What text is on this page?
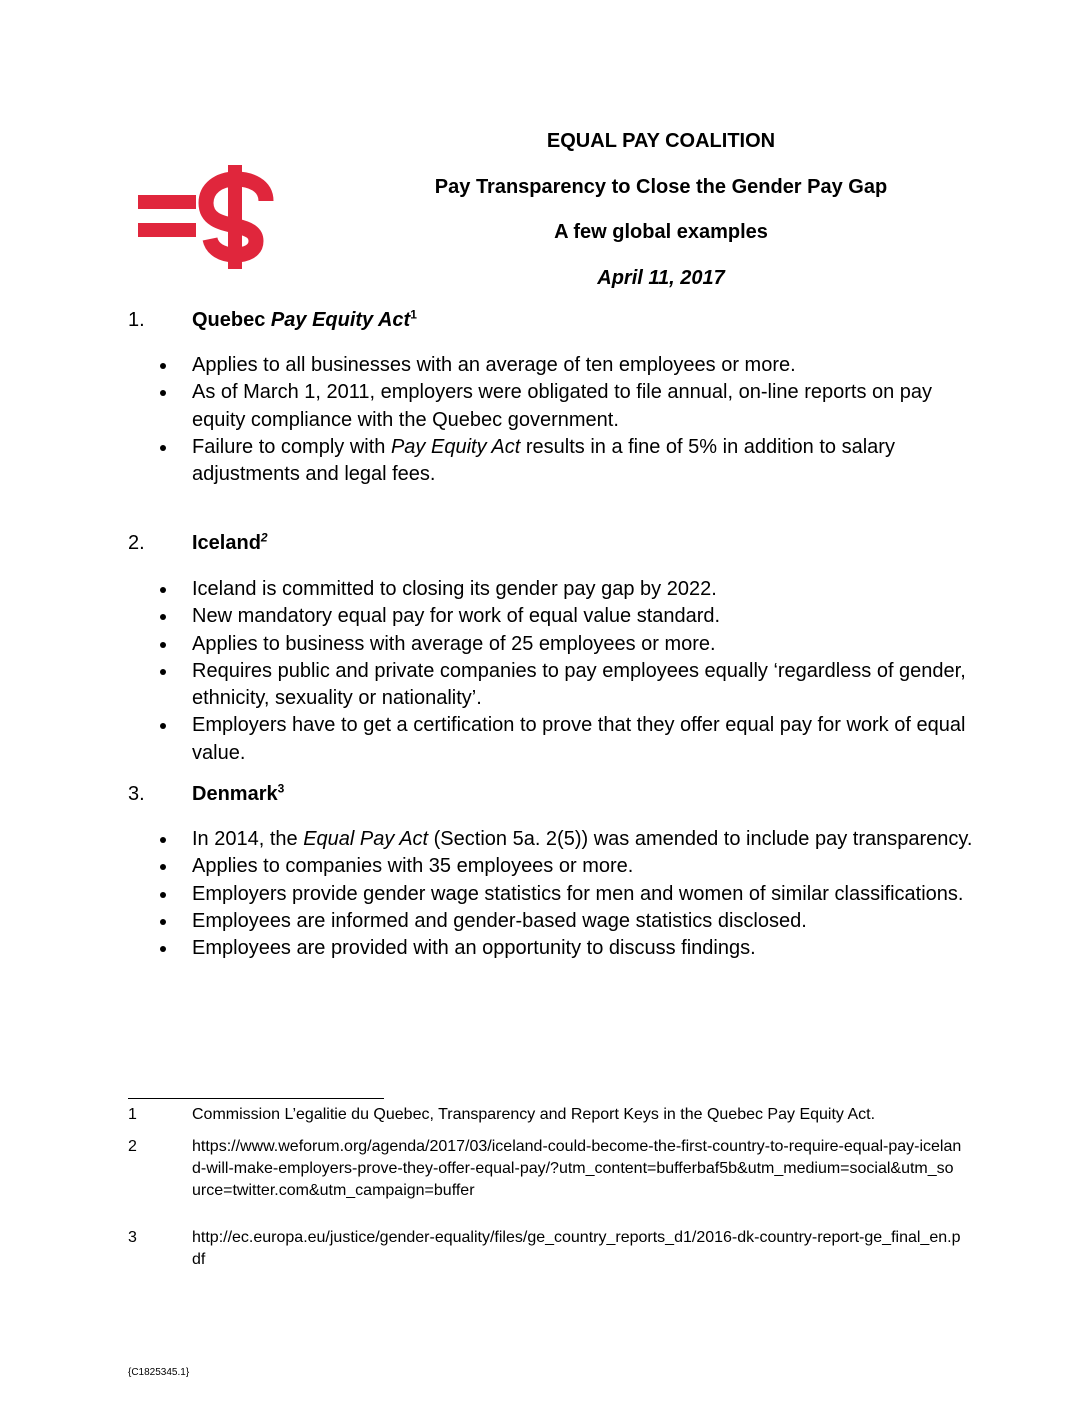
EQUAL PAY COALITION
Pay Transparency to Close the Gender Pay Gap
A few global examples
April 11, 2017
1. Quebec Pay Equity Act$^1$
Applies to all businesses with an average of ten employees or more.
As of March 1, 2011, employers were obligated to file annual, on-line reports on pay equity compliance with the Quebec government.
Failure to comply with Pay Equity Act results in a fine of 5% in addition to salary adjustments and legal fees.
2. Iceland$^2$
Iceland is committed to closing its gender pay gap by 2022.
New mandatory equal pay for work of equal value standard.
Applies to business with average of 25 employees or more.
Requires public and private companies to pay employees equally ‘regardless of gender, ethnicity, sexuality or nationality’.
Employers have to get a certification to prove that they offer equal pay for work of equal value.
3. Denmark$^3$
In 2014, the Equal Pay Act (Section 5a. 2(5)) was amended to include pay transparency.
Applies to companies with 35 employees or more.
Employers provide gender wage statistics for men and women of similar classifications.
Employees are informed and gender-based wage statistics disclosed.
Employees are provided with an opportunity to discuss findings.
1	Commission L’egalitie du Quebec, Transparency and Report Keys in the Quebec Pay Equity Act.
2	https://www.weforum.org/agenda/2017/03/iceland-could-become-the-first-country-to-require-equal-pay-iceland-will-make-employers-prove-they-offer-equal-pay/?utm_content=bufferbaf5b&utm_medium=social&utm_source=twitter.com&utm_campaign=buffer
3	http://ec.europa.eu/justice/gender-equality/files/ge_country_reports_d1/2016-dk-country-report-ge_final_en.pdf
{C1825345.1}
